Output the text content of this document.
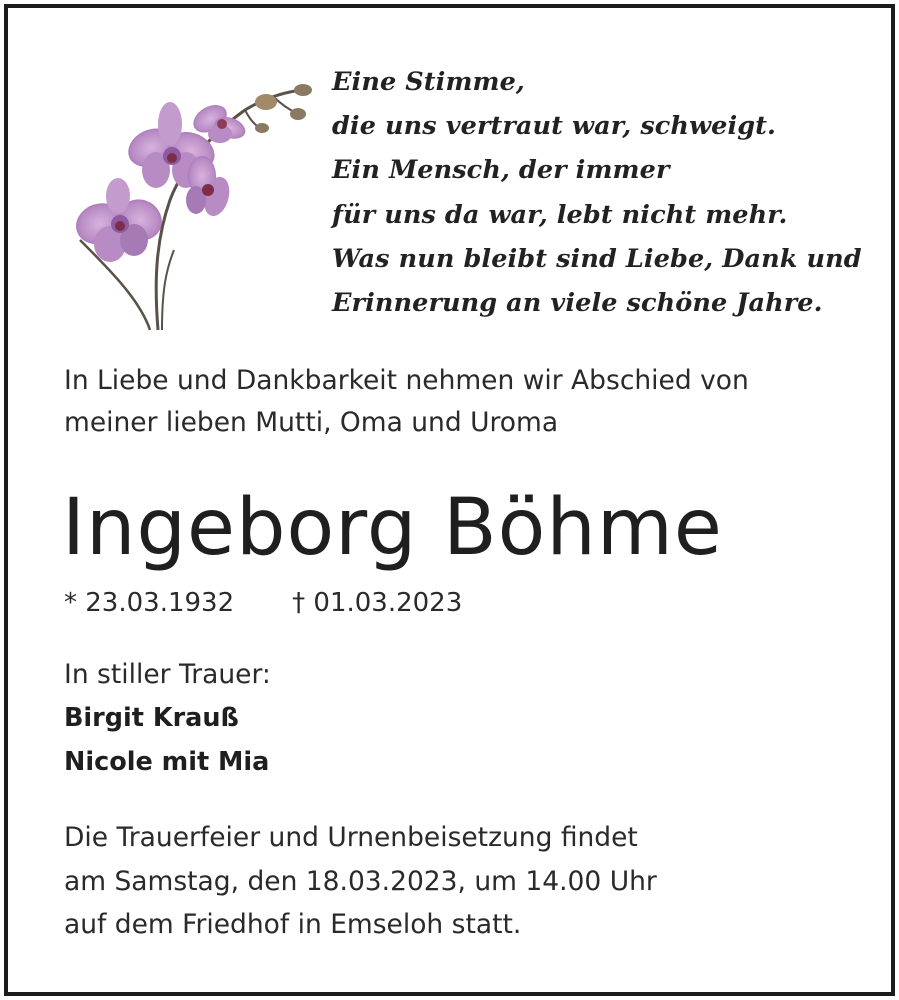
Eine Stimme,
die uns vertraut war, schweigt.
Ein Mensch, der immer
für uns da war, lebt nicht mehr.
Was nun bleibt sind Liebe, Dank und
Erinnerung an viele schöne Jahre.
In Liebe und Dankbarkeit nehmen wir Abschied von
meiner lieben Mutti, Oma und Uroma
Ingeborg Böhme
* 23.03.1932 † 01.03.2023
In stiller Trauer:
Birgit Krauß
Nicole mit Mia
Die Trauerfeier und Urnenbeisetzung findet
am Samstag, den 18.03.2023, um 14.00 Uhr
auf dem Friedhof in Emseloh statt.
